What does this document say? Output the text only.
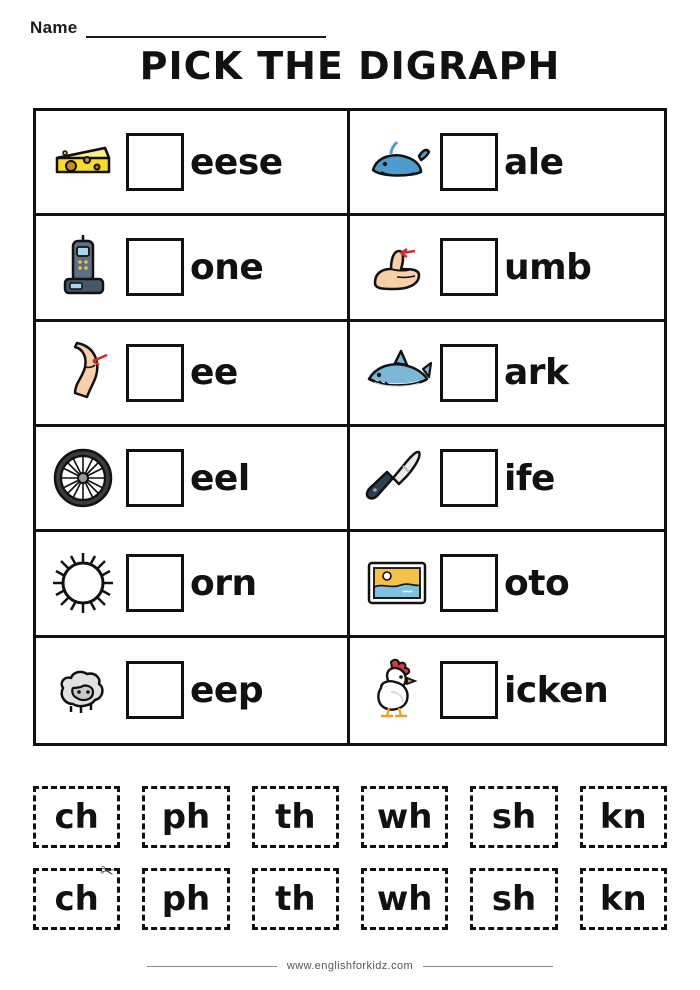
Name
PICK THE DIGRAPH
eese	ale
one	umb
ee	ark
eel	ife
orn	oto
eep	icken
ch ph th wh sh kn
ch ph th wh sh kn
✂
www.englishforkidz.com
